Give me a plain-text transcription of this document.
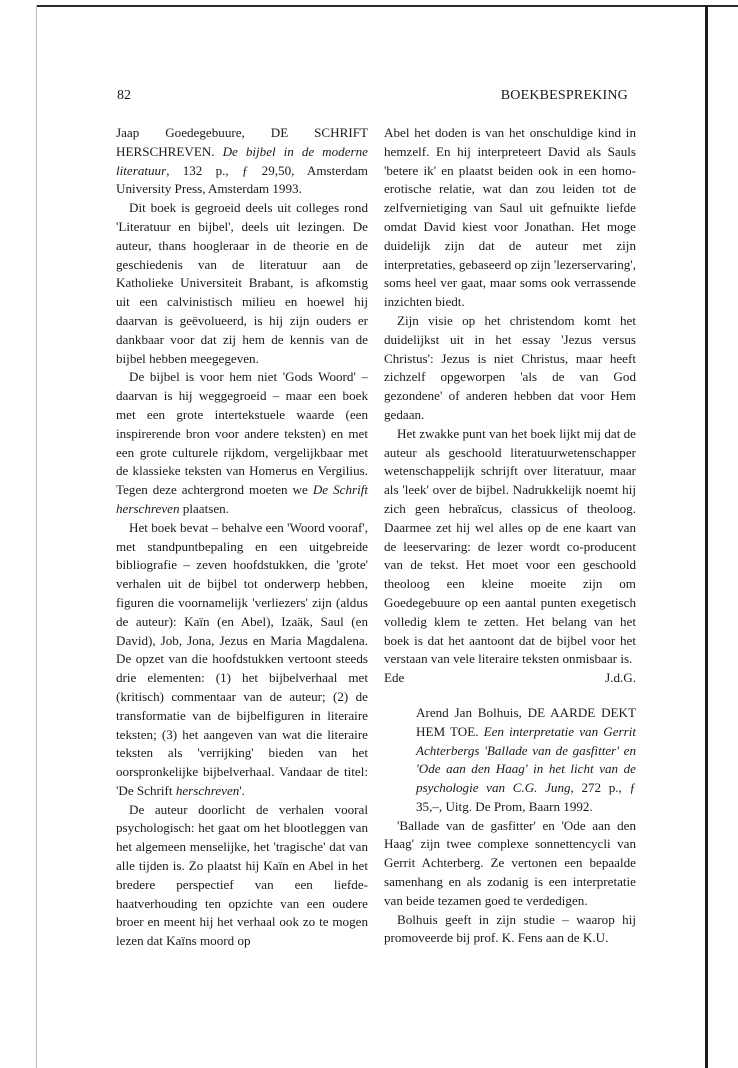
82	BOEKBESPREKING

Jaap Goedegebuure, DE SCHRIFT HERSCHREVEN. De bijbel in de moderne literatuur, 132 p., ƒ 29,50, Amsterdam University Press, Amsterdam 1993.

Dit boek is gegroeid deels uit colleges rond 'Literatuur en bijbel', deels uit lezingen. De auteur, thans hoogleraar in de theorie en de geschiedenis van de literatuur aan de Katholieke Universiteit Brabant, is afkomstig uit een calvinistisch milieu en hoewel hij daarvan is geëvolueerd, is hij zijn ouders er dankbaar voor dat zij hem de kennis van de bijbel hebben meegegeven.

De bijbel is voor hem niet 'Gods Woord' – daarvan is hij weggegroeid – maar een boek met een grote intertekstuele waarde (een inspirerende bron voor andere teksten) en met een grote culturele rijkdom, vergelijkbaar met de klassieke teksten van Homerus en Vergilius. Tegen deze achtergrond moeten we De Schrift herschreven plaatsen.

Het boek bevat – behalve een 'Woord vooraf', met standpuntbepaling en een uitgebreide bibliografie – zeven hoofdstukken, die 'grote' verhalen uit de bijbel tot onderwerp hebben, figuren die voornamelijk 'verliezers' zijn (aldus de auteur): Kaïn (en Abel), Izaäk, Saul (en David), Job, Jona, Jezus en Maria Magdalena. De opzet van die hoofdstukken vertoont steeds drie elementen: (1) het bijbelverhaal met (kritisch) commentaar van de auteur; (2) de transformatie van de bijbelfiguren in literaire teksten; (3) het aangeven van wat die literaire teksten als 'verrijking' bieden van het oorspronkelijke bijbelverhaal. Vandaar de titel: 'De Schrift herschreven'.

De auteur doorlicht de verhalen vooral psychologisch: het gaat om het blootleggen van het algemeen menselijke, het 'tragische' dat van alle tijden is. Zo plaatst hij Kaïn en Abel in het bredere perspectief van een liefde-haatverhouding ten opzichte van een oudere broer en meent hij het verhaal ook zo te mogen lezen dat Kaïns moord op

Abel het doden is van het onschuldige kind in hemzelf. En hij interpreteert David als Sauls 'betere ik' en plaatst beiden ook in een homo-erotische relatie, wat dan zou leiden tot de zelfvernietiging van Saul uit gefnuikte liefde omdat David kiest voor Jonathan. Het moge duidelijk zijn dat de auteur met zijn interpretaties, gebaseerd op zijn 'lezerservaring', soms heel ver gaat, maar soms ook verrassende inzichten biedt.

Zijn visie op het christendom komt het duidelijkst uit in het essay 'Jezus versus Christus': Jezus is niet Christus, maar heeft zichzelf opgeworpen 'als de van God gezondene' of anderen hebben dat voor Hem gedaan.

Het zwakke punt van het boek lijkt mij dat de auteur als geschoold literatuurwetenschapper wetenschappelijk schrijft over literatuur, maar als 'leek' over de bijbel. Nadrukkelijk noemt hij zich geen hebraïcus, classicus of theoloog. Daarmee zet hij wel alles op de ene kaart van de leeservaring: de lezer wordt co-producent van de tekst. Het moet voor een geschoold theoloog een kleine moeite zijn om Goedegebuure op een aantal punten exegetisch volledig klem te zetten. Het belang van het boek is dat het aantoont dat de bijbel voor het verstaan van vele literaire teksten onmisbaar is.

Ede	J.d.G.

Arend Jan Bolhuis, DE AARDE DEKT HEM TOE. Een interpretatie van Gerrit Achterbergs 'Ballade van de gasfitter' en 'Ode aan den Haag' in het licht van de psychologie van C.G. Jung, 272 p., ƒ 35,–, Uitg. De Prom, Baarn 1992.

'Ballade van de gasfitter' en 'Ode aan den Haag' zijn twee complexe sonnettencycli van Gerrit Achterberg. Ze vertonen een bepaalde samenhang en als zodanig is een interpretatie van beide tezamen goed te verdedigen.

Bolhuis geeft in zijn studie – waarop hij promoveerde bij prof. K. Fens aan de K.U.
